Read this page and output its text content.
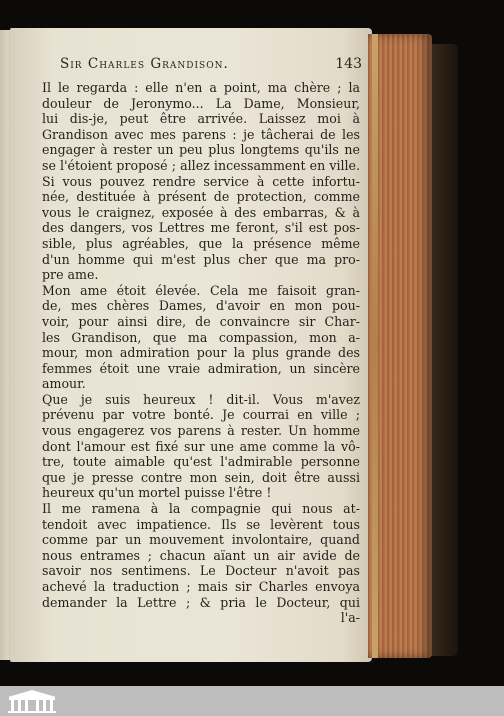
Sir Charles Grandison.	143
Il le regarda : elle n'en a point, ma chère ; la
douleur de Jeronymo... La Dame, Monsieur,
lui dis-je, peut être arrivée. Laissez moi à
Grandison avec mes parens : je tâcherai de les
engager à rester un peu plus longtems qu'ils ne
se l'étoient proposé ; allez incessamment en ville.
Si vous pouvez rendre service à cette infortu-
née, destituée à présent de protection, comme
vous le craignez, exposée à des embarras, & à
des dangers, vos Lettres me feront, s'il est pos-
sible, plus agréables, que la présence même
d'un homme qui m'est plus cher que ma pro-
pre ame.
Mon ame étoit élevée. Cela me faisoit gran-
de, mes chères Dames, d'avoir en mon pou-
voir, pour ainsi dire, de convaincre sir Char-
les Grandison, que ma compassion, mon a-
mour, mon admiration pour la plus grande des
femmes étoit une vraie admiration, un sincère
amour.
Que je suis heureux ! dit-il. Vous m'avez
prévenu par votre bonté. Je courrai en ville ;
vous engagerez vos parens à rester. Un homme
dont l'amour est fixé sur une ame comme la vô-
tre, toute aimable qu'est l'admirable personne
que je presse contre mon sein, doit être aussi
heureux qu'un mortel puisse l'être !
Il me ramena à la compagnie qui nous at-
tendoit avec impatience. Ils se levèrent tous
comme par un mouvement involontaire, quand
nous entrames ; chacun aïant un air avide de
savoir nos sentimens. Le Docteur n'avoit pas
achevé la traduction ; mais sir Charles envoya
demander la Lettre ; & pria le Docteur, qui
l'a-
